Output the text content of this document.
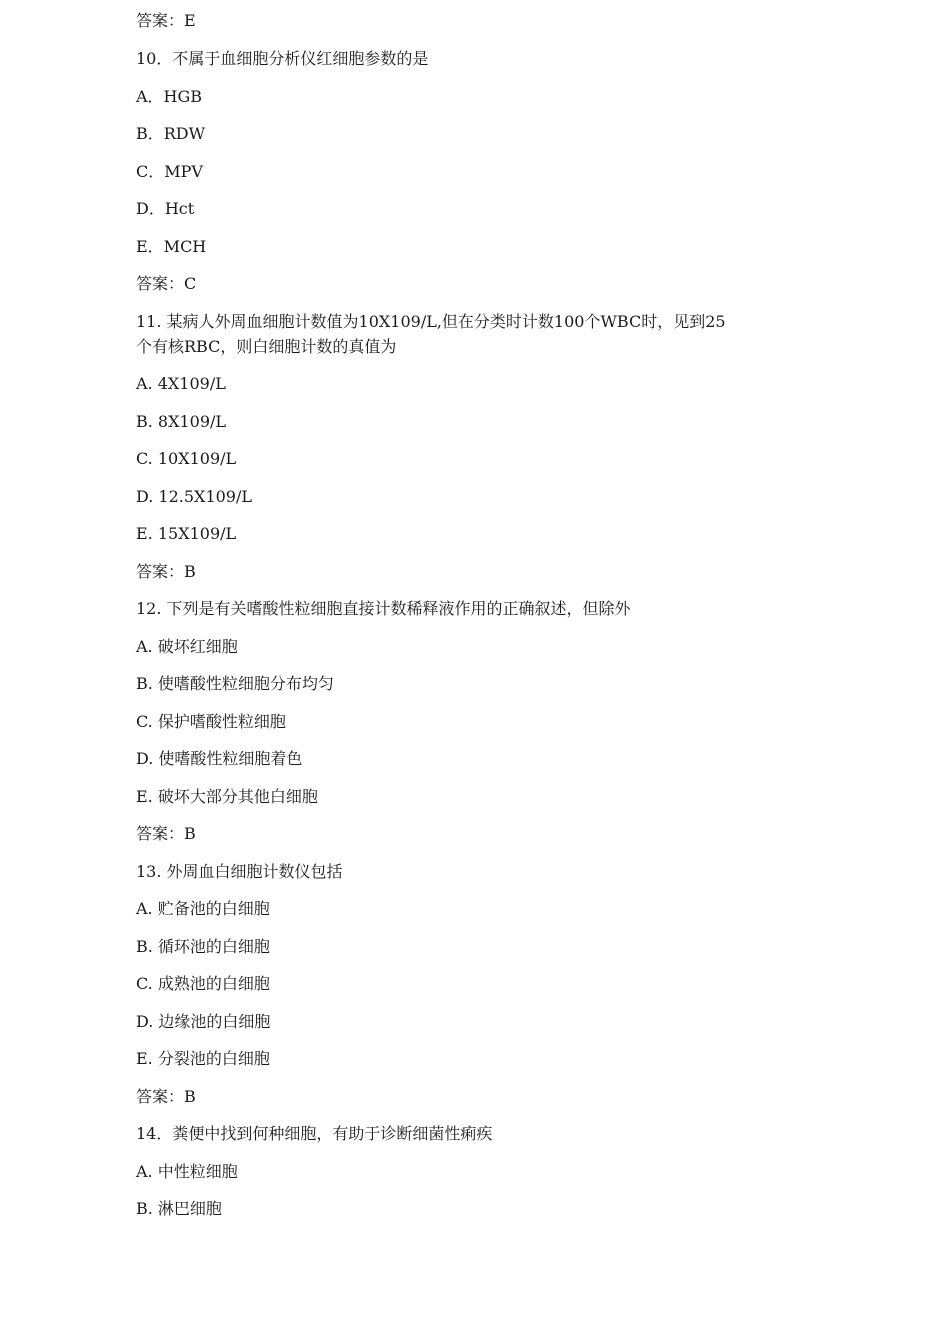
答案：E
10．不属于血细胞分析仪红细胞参数的是
A．HGB
B．RDW
C．MPV
D．Hct
E．MCH
答案：C
11. 某病人外周血细胞计数值为10X109/L,但在分类时计数100个WBC时，见到25
个有核RBC，则白细胞计数的真值为
A. 4X109/L
B. 8X109/L
C. 10X109/L
D. 12.5X109/L
E. 15X109/L
答案：B
12. 下列是有关嗜酸性粒细胞直接计数稀释液作用的正确叙述，但除外
A. 破坏红细胞
B. 使嗜酸性粒细胞分布均匀
C. 保护嗜酸性粒细胞
D. 使嗜酸性粒细胞着色
E. 破坏大部分其他白细胞
答案：B
13. 外周血白细胞计数仪包括
A. 贮备池的白细胞
B. 循环池的白细胞
C. 成熟池的白细胞
D. 边缘池的白细胞
E. 分裂池的白细胞
答案：B
14．粪便中找到何种细胞，有助于诊断细菌性痢疾
A. 中性粒细胞
B. 淋巴细胞
